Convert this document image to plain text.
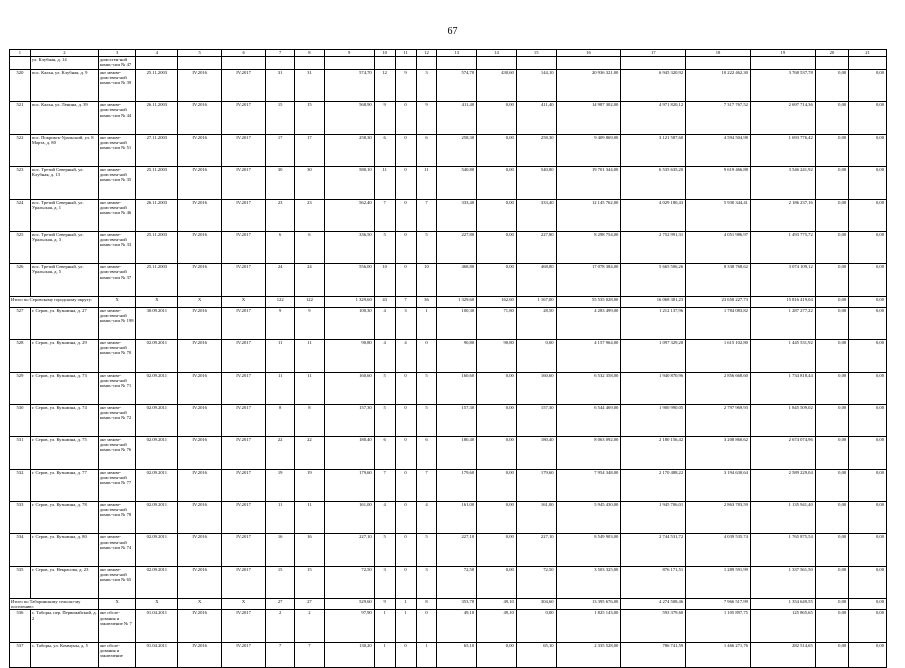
67
1	2	3	4	5	6	7	8	9	10	11	12	13	14	15	16	17	18	19	20	21
	ул. Клубная, д. 14	домостен-ной комис-сии № 47																		
520	пос. Калья, ул. Клубная, д. 9	акт межве-домствен-ной комис-сии № 39	25.11.2003	IV.2016	IV.2017	31	31	574,70	12	9	3	574,70	430,60	144,10	20 936 321,00	6 945 320,92	10 222 462,30	3 768 537,78	0,00	0,00
521	пос. Калья, ул. Ленина, д. 39	акт межве-домствен-ной комис-сии № 44	26.11.2003	IV.2016	IV.2017	15	15	568,90	9	0	9	411,40	0,00	411,40	14 987 302,00	4 971 820,12	7 317 767,52	2 697 714,36	0,00	0,00
522	пос. Покровск-Уральский, ул. 8 Марта, д. 80	акт межве-домствен-ной комис-сии № 51	27.11.2003	IV.2016	IV.2017	17	17	258,30	6	0	6	258,30	0,00	258,30	9 409 869,00	3 121 587,60	4 594 504,98	1 693 776,42	0,00	0,00
523	пос. Третий Северный, ул. Клубная, д. 13	акт межве-домствен-ной комис-сии № 35	25.11.2003	IV.2016	IV.2017	30	30	580,10	11	0	11	540,80	0,00	540,80	19 701 344,00	6 535 635,20	9 619 466,88	3 546 241,92	0,00	0,00
524	пос. Третий Северный, ул. Уральская, д. 1	акт межве-домствен-ной комис-сии № 46	26.11.2003	IV.2016	IV.2017	23	23	562,40	7	0	7	333,40	0,00	333,40	12 145 762,00	4 029 180,43	5 930 344,41	2 186 237,16	0,00	0,00
525	пос. Третий Северный, ул. Уральская, д. 3	акт межве-домствен-ной комис-сии № 33	25.11.2003	IV.2016	IV.2017	6	6	336,50	5	0	5	227,80	0,00	227,80	8 298 754,00	2 752 991,31	4 051 986,97	1 493 775,72	0,00	0,00
526	пос. Третий Северный, ул. Уральская, д. 5	акт межве-домствен-ной комис-сии № 37	25.11.2003	IV.2016	IV.2017	24	24	556,00	10	0	10	468,80	0,00	468,80	17 078 384,00	5 665 506,26	8 338 768,62	3 074 109,12	0,00	0,00
Итого по Серовскому городскому округу:		X	X	X	X	122	122	1 329,60	43	7	36	1 329,60	162,60	1 167,00	55 535 028,00	16 068 381,23	23 650 227,73	15 816 419,04	0,00	0,00
527	г. Серов, ул. Кузьмина, д. 27	акт межве-домствен-ной комис-сии № 198	30.09.2011	IV.2016	IV.2017	9	9	100,30	4	3	1	100,30	71,80	28,50	4 283 499,00	1 212 137,96	1 784 083,82	1 287 277,22	0,00	0,00
528	г. Серов, ул. Кузьмина, д. 29	акт межве-домствен-ной комис-сии № 70	02.09.2011	IV.2016	IV.2017	11	11	90,80	4	4	0	90,80	90,80	0,00	4 157 964,00	1 097 329,28	1 615 102,80	1 445 531,92	0,00	0,00
529	г. Серов, ул. Кузьмина, д. 73	акт межве-домствен-ной комис-сии № 71	02.09.2011	IV.2016	IV.2017	11	11	160,60	5	0	5	160,60	0,00	160,60	6 532 358,00	1 940 870,96	2 856 668,60	1 734 818,44	0,00	0,00
530	г. Серов, ул. Кузьмина, д. 74	акт межве-домствен-ной комис-сии № 72	02.09.2011	IV.2016	IV.2017	8	8	157,30	5	0	5	157,30	0,00	157,30	6 544 469,00	1 900 990,05	2 797 969,93	1 845 509,02	0,00	0,00
531	г. Серов, ул. Кузьмина, д. 75	акт межве-домствен-ной комис-сии № 76	02.09.2011	IV.2016	IV.2017	22	22	180,40	6	0	6	180,40	0,00	180,40	8 063 092,00	2 180 156,42	3 208 860,62	2 674 074,96	0,00	0,00
532	г. Серов, ул. Кузьмина, д. 77	акт межве-домствен-ной комис-сии № 77	02.09.2011	IV.2016	IV.2017	19	19	179,60	7	0	7	179,60	0,00	179,60	7 954 348,00	2 170 488,22	3 194 630,64	2 589 229,04	0,00	0,00
533	г. Серов, ул. Кузьмина, д. 78	акт межве-домствен-ной комис-сии № 78	02.09.2011	IV.2016	IV.2017	11	11	161,00	4	0	4	161,00	0,00	161,00	5 945 430,00	1 945 706,01	2 863 783,59	1 135 941,40	0,00	0,00
534	г. Серов, ул. Кузьмина, д. 80	акт межве-домствен-ной комис-сии № 74	02.09.2011	IV.2016	IV.2017	16	16	227,10	5	0	5	227,10	0,00	227,10	8 549 903,00	2 744 531,72	4 039 535,74	1 765 875,54	0,00	0,00
535	г. Серов, ул. Некрасова, д. 23	акт межве-домствен-ной комис-сии № 65	02.09.2011	IV.2016	IV.2017	15	15	72,50	3	0	3	72,50	0,00	72,50	3 503 325,00	876 171,51	1 289 591,99	1 337 561,50	0,00	0,00
Итого по Таборинскому сельско-му поселению:		X	X	X	X	27	27	529,60	9	1	8	353,70	49,10	304,60	13 395 676,00	4 274 508,46	7 966 517,99	1 354 649,55	0,00	0,00
536	с. Таборы, пер. Первомайский, д. 2	акт обсле-дования и заключение № 7	01.04.2011	IV.2016	IV.2017	2	2	97,90	1	1	0	49,10	49,10	0,00	1 825 143,00	593 379,60	1 105 897,75	125 865,65	0,00	0,00
537	с. Таборы, ул. Коммуны, д. 5	акт обсле-дования и заключение	01.04.2011	IV.2016	IV.2017	7	7	130,20	1	0	1	65,10	0,00	65,10	2 335 528,00	786 741,59	1 466 271,76	282 514,65	0,00	0,00
